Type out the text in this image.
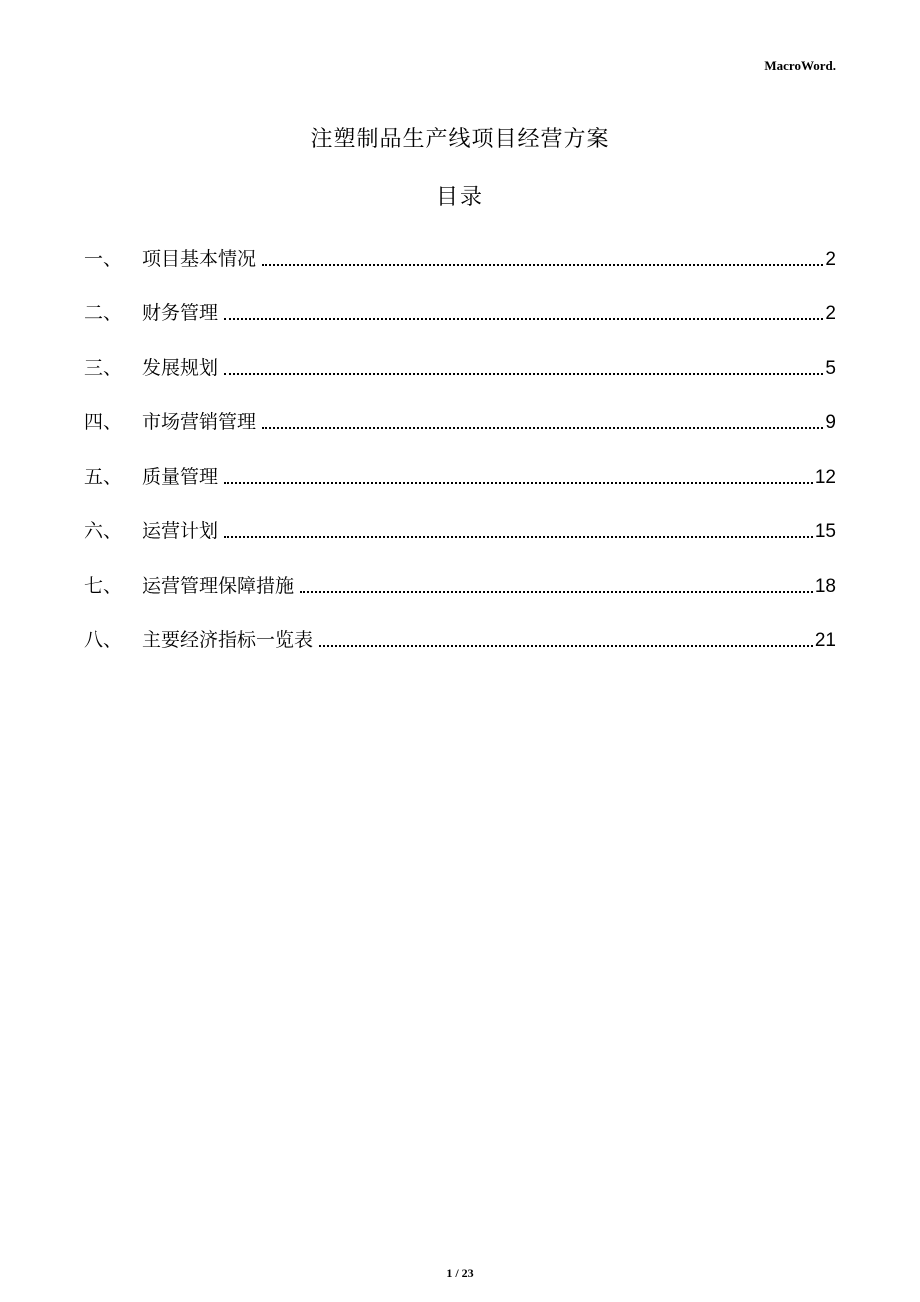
MacroWord.
注塑制品生产线项目经营方案
目录
一、	项目基本情况	2
二、	财务管理	2
三、	发展规划	5
四、	市场营销管理	9
五、	质量管理	12
六、	运营计划	15
七、	运营管理保障措施	18
八、	主要经济指标一览表	21
1 / 23
